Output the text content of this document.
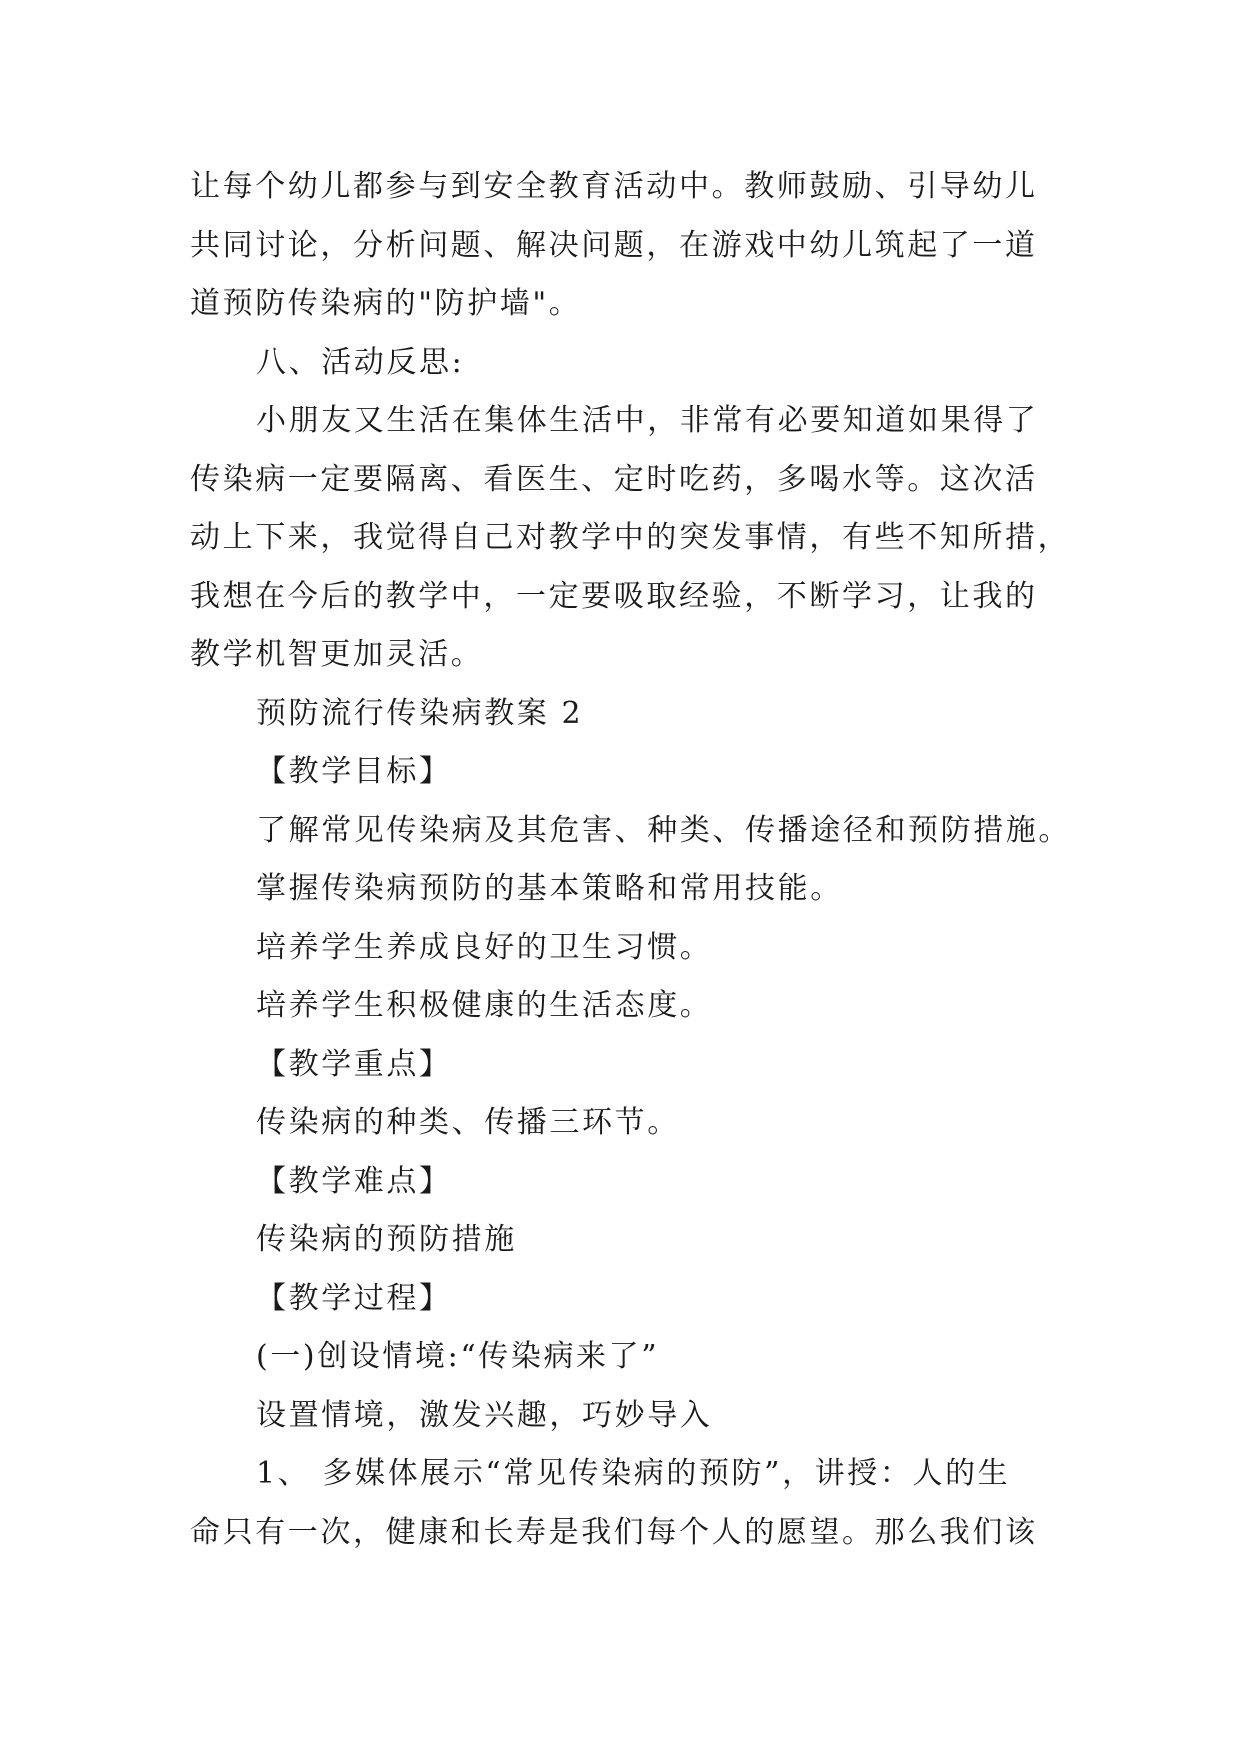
让每个幼儿都参与到安全教育活动中。教师鼓励、引导幼儿
共同讨论，分析问题、解决问题，在游戏中幼儿筑起了一道
道预防传染病的"防护墙"。
八、活动反思:
小朋友又生活在集体生活中，非常有必要知道如果得了
传染病一定要隔离、看医生、定时吃药，多喝水等。这次活
动上下来，我觉得自己对教学中的突发事情，有些不知所措，
我想在今后的教学中，一定要吸取经验，不断学习，让我的
教学机智更加灵活。
预防流行传染病教案 2
【教学目标】
了解常见传染病及其危害、种类、传播途径和预防措施。
掌握传染病预防的基本策略和常用技能。
培养学生养成良好的卫生习惯。
培养学生积极健康的生活态度。
【教学重点】
传染病的种类、传播三环节。
【教学难点】
传染病的预防措施
【教学过程】
(一)创设情境:“传染病来了”
设置情境，激发兴趣，巧妙导入
1、 多媒体展示“常见传染病的预防”，讲授：人的生
命只有一次，健康和长寿是我们每个人的愿望。那么我们该
